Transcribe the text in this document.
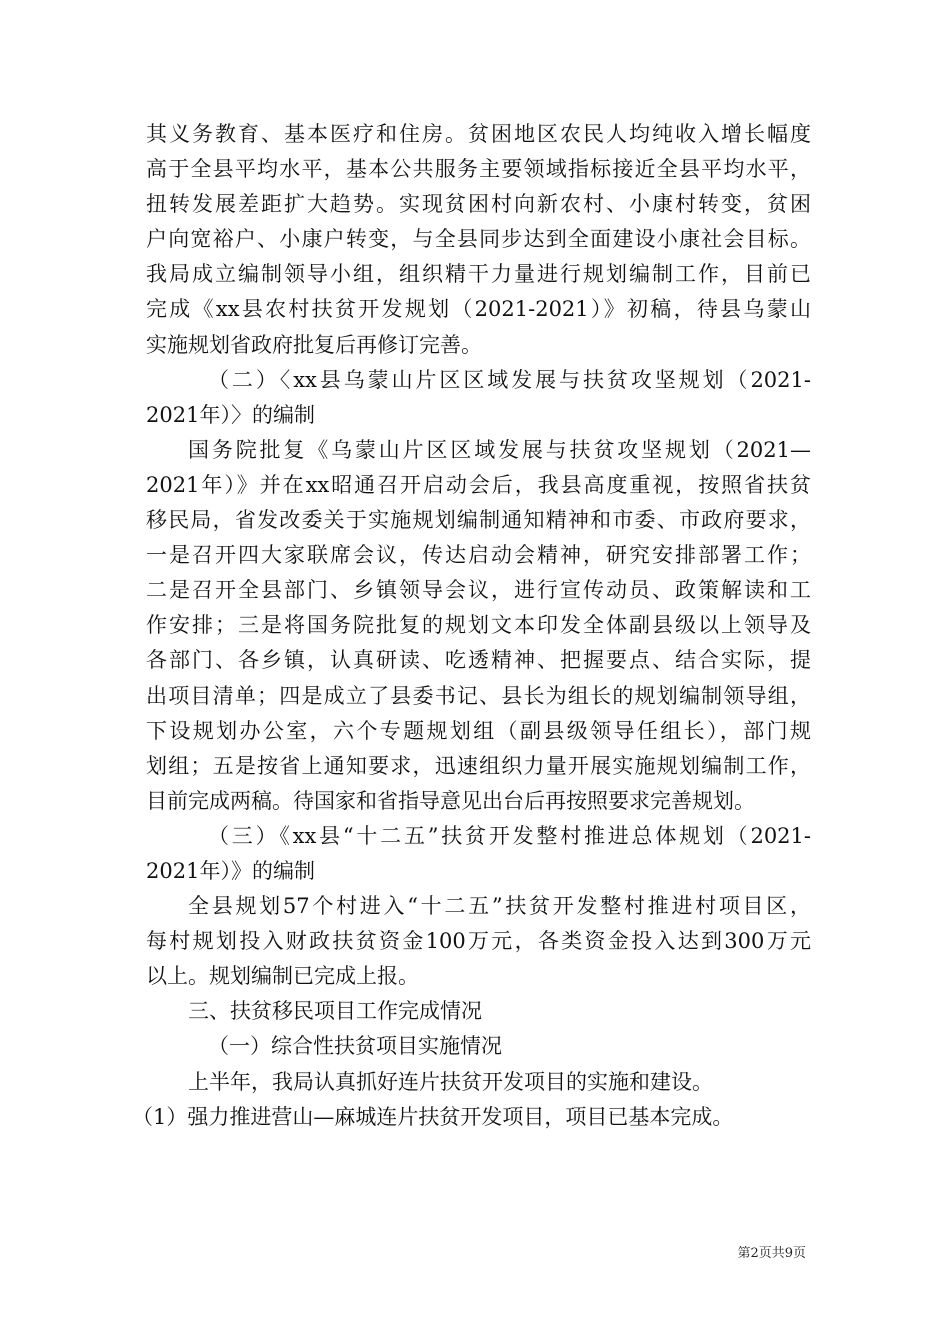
其义务教育、基本医疗和住房。贫困地区农民人均纯收入增长幅度
高于全县平均水平，基本公共服务主要领域指标接近全县平均水平，
扭转发展差距扩大趋势。实现贫困村向新农村、小康村转变，贫困
户向宽裕户、小康户转变，与全县同步达到全面建设小康社会目标。
我局成立编制领导小组，组织精干力量进行规划编制工作，目前已
完成《xx县农村扶贫开发规划（2021-2021）》初稿，待县乌蒙山
实施规划省政府批复后再修订完善。
（二）〈xx县乌蒙山片区区域发展与扶贫攻坚规划（2021-
2021年）〉的编制
国务院批复《乌蒙山片区区域发展与扶贫攻坚规划（2021—
2021年）》并在xx昭通召开启动会后，我县高度重视，按照省扶贫
移民局，省发改委关于实施规划编制通知精神和市委、市政府要求，
一是召开四大家联席会议，传达启动会精神，研究安排部署工作；
二是召开全县部门、乡镇领导会议，进行宣传动员、政策解读和工
作安排；三是将国务院批复的规划文本印发全体副县级以上领导及
各部门、各乡镇，认真研读、吃透精神、把握要点、结合实际，提
出项目清单；四是成立了县委书记、县长为组长的规划编制领导组，
下设规划办公室，六个专题规划组（副县级领导任组长），部门规
划组；五是按省上通知要求，迅速组织力量开展实施规划编制工作，
目前完成两稿。待国家和省指导意见出台后再按照要求完善规划。
（三）《xx县“十二五”扶贫开发整村推进总体规划（2021-
2021年）》的编制
全县规划57个村进入“十二五”扶贫开发整村推进村项目区，
每村规划投入财政扶贫资金100万元，各类资金投入达到300万元
以上。规划编制已完成上报。
三、扶贫移民项目工作完成情况
（一）综合性扶贫项目实施情况
上半年，我局认真抓好连片扶贫开发项目的实施和建设。
（1）强力推进营山—麻城连片扶贫开发项目，项目已基本完成。
第2页共9页
